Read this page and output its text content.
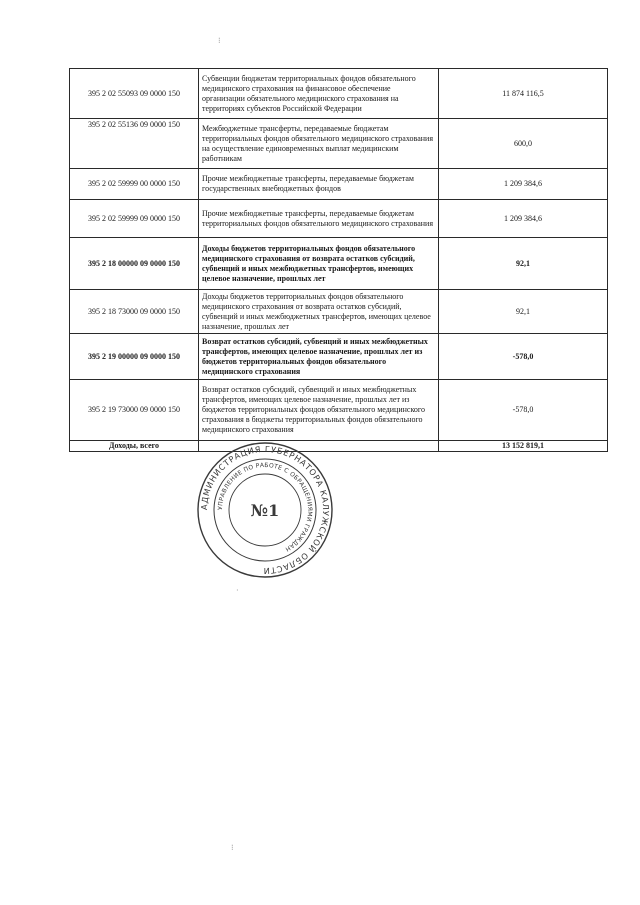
395 2 02 55093 09 0000 150	Субвенции бюджетам территориальных фондов обязательного медицинского страхования на финансовое обеспечение организации обязательного медицинского страхования на территориях субъектов Российской Федерации	11 874 116,5
395 2 02 55136 09 0000 150	Межбюджетные трансферты, передаваемые бюджетам территориальных фондов обязательного медицинского страхования на осуществление единовременных выплат медицинским работникам	600,0
395 2 02 59999 00 0000 150	Прочие межбюджетные трансферты, передаваемые бюджетам государственных внебюджетных фондов	1 209 384,6
395 2 02 59999 09 0000 150	Прочие межбюджетные трансферты, передаваемые бюджетам территориальных фондов обязательного медицинского страхования	1 209 384,6
395 2 18 00000 09 0000 150	Доходы бюджетов территориальных фондов обязательного медицинского страхования от возврата остатков субсидий, субвенций и иных межбюджетных трансфертов, имеющих целевое назначение, прошлых лет	92,1
395 2 18 73000 09 0000 150	Доходы бюджетов территориальных фондов обязательного медицинского страхования от возврата остатков субсидий, субвенций и иных межбюджетных трансфертов, имеющих целевое назначение, прошлых лет	92,1
395 2 19 00000 09 0000 150	Возврат остатков субсидий, субвенций и иных межбюджетных трансфертов, имеющих целевое назначение, прошлых лет из бюджетов территориальных фондов обязательного медицинского страхования	-578,0
395 2 19 73000 09 0000 150	Возврат остатков субсидий, субвенций и иных межбюджетных трансфертов, имеющих целевое назначение, прошлых лет из бюджетов территориальных фондов обязательного медицинского страхования в бюджеты территориальных фондов обязательного медицинского страхования	-578,0
Доходы, всего		13 152 819,1
АДМИНИСТРАЦИЯ ГУБЕРНАТОРА КАЛУЖСКОЙ ОБЛАСТИ
УПРАВЛЕНИЕ ПО РАБОТЕ С ОБРАЩЕНИЯМИ ГРАЖДАН
№1
⁝
·
⁝
